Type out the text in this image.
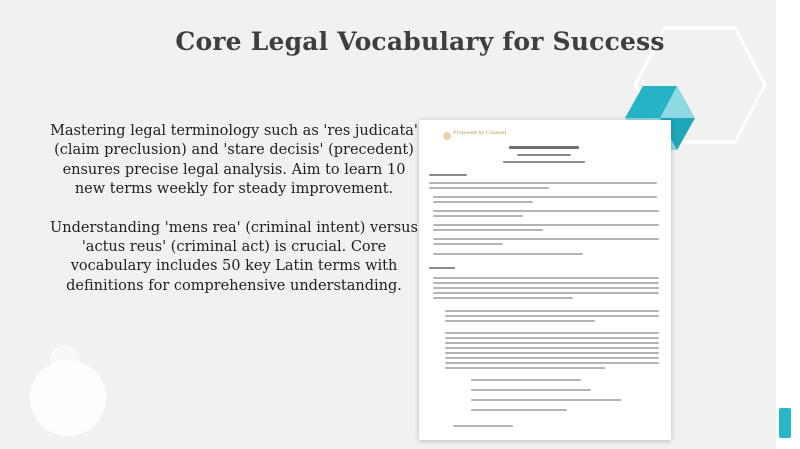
Core Legal Vocabulary for Success

Mastering legal terminology such as 'res judicata' (claim preclusion) and 'stare decisis' (precedent) ensures precise legal analysis. Aim to learn 10 new terms weekly for steady improvement.

Understanding 'mens rea' (criminal intent) versus 'actus reus' (criminal act) is crucial. Core vocabulary includes 50 key Latin terms with definitions for comprehensive understanding.

Proposed by Counsel
